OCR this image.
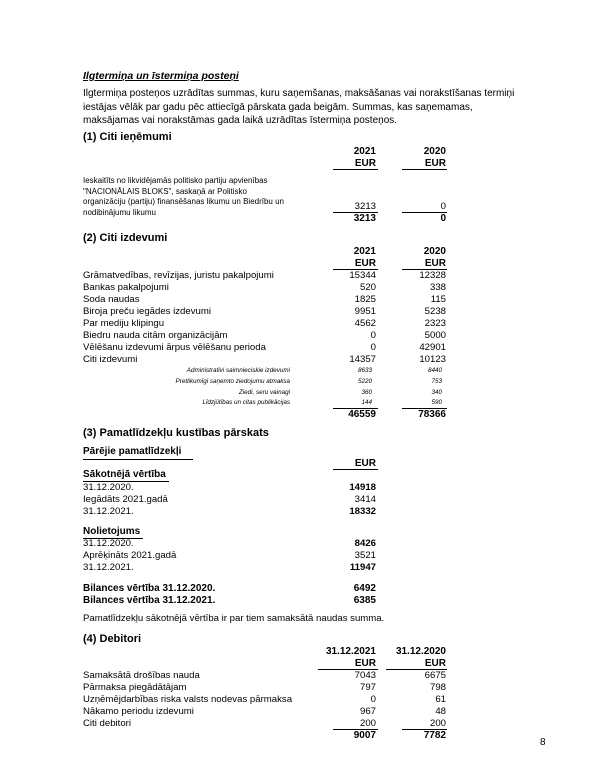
Ilgtermiņa un īstermiņa posteņi
Ilgtermiņa posteņos uzrādītas summas, kuru saņemšanas, maksāšanas vai norakstīšanas termiņi
iestājas vēlāk par gadu pēc attiecīgā pārskata gada beigām. Summas, kas saņemamas,
maksājamas vai norakstāmas gada laikā uzrādītas īstermiņa posteņos.
(1) Citi ieņēmumi
2021	2020
EUR	EUR
Ieskaitīts no likvidējamās politisko partiju apvienības
"NACIONĀLAIS BLOKS", saskaņā ar Politisko
organizāciju (partiju) finansēšanas likumu un Biedrību un
nodibinājumu likumu
3213	0
3213	0
(2) Citi izdevumi
2021	2020
EUR	EUR
Grāmatvedības, revīzijas, juristu pakalpojumi	15344	12328
Bankas pakalpojumi	520	338
Soda naudas	1825	115
Biroja preču iegādes izdevumi	9951	5238
Par mediju klipingu	4562	2323
Biedru nauda citām organizācijām	0	5000
Vēlēšanu izdevumi ārpus vēlēšanu perioda	0	42901
Citi izdevumi	14357	10123
Administratīvi saimnieciskie izdevumi	8633	8440
Pretlikumīgi saņemto ziedojumu atmaksa	5220	753
Ziedi, seru vainagi	360	340
Līdzjūtības un citas publikācijas	144	590
46559	78366
(3) Pamatlīdzekļu kustības pārskats
Pārējie pamatlīdzekļi
EUR
Sākotnējā vērtība
31.12.2020.	14918
Iegādāts 2021.gadā	3414
31.12.2021.	18332
Nolietojums
31.12.2020.	8426
Aprēķināts 2021.gadā	3521
31.12.2021.	11947
Bilances vērtība 31.12.2020.	6492
Bilances vērtība 31.12.2021.	6385
Pamatlīdzekļu sākotnējā vērtība ir par tiem samaksātā naudas summa.
(4) Debitori
31.12.2021	31.12.2020
EUR	EUR
Samaksātā drošības nauda	7043	6675
Pārmaksa piegādātājam	797	798
Uzņēmējdarbības riska valsts nodevas pārmaksa	0	61
Nākamo periodu izdevumi	967	48
Citi debitori	200	200
9007	7782
8
